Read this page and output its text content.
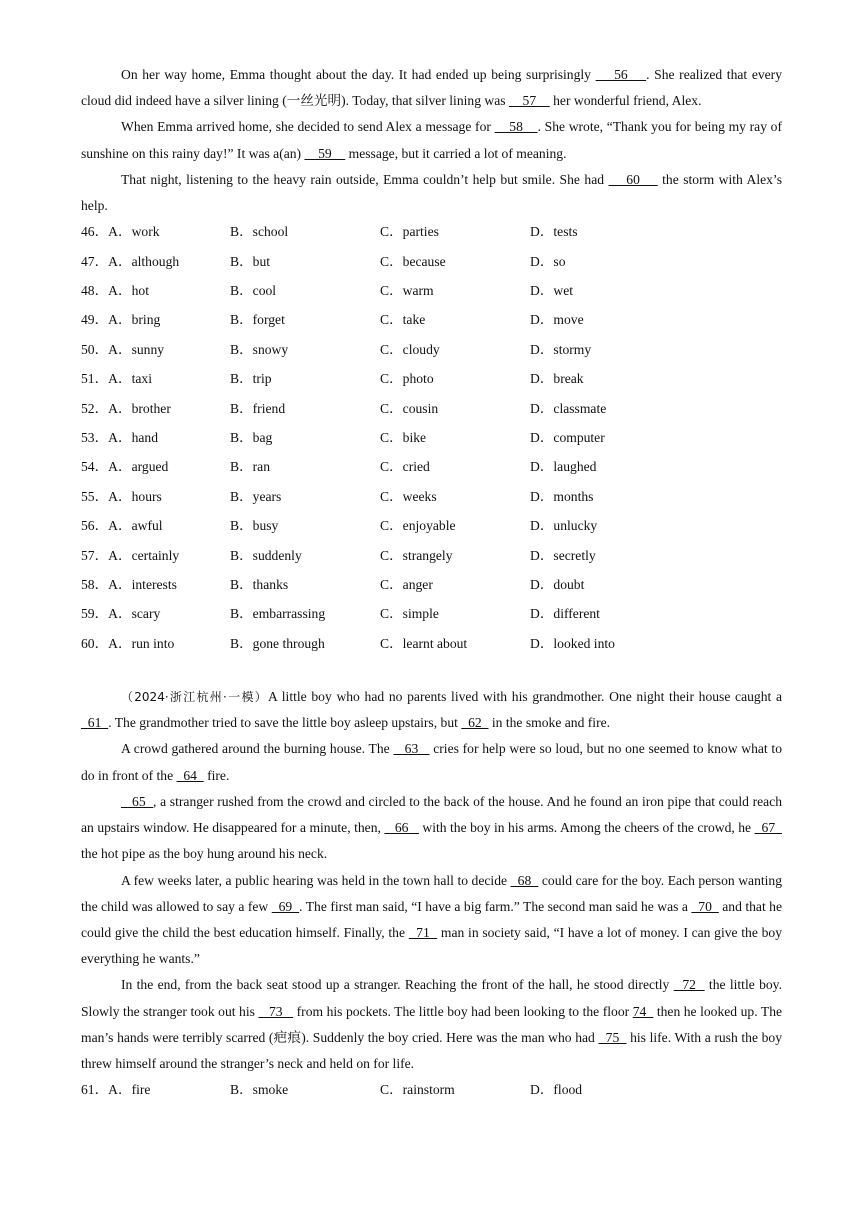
On her way home, Emma thought about the day. It had ended up being surprisingly     56    . She realized that every cloud did indeed have a silver lining (一丝光明). Today, that silver lining was     57     her wonderful friend, Alex.

When Emma arrived home, she decided to send Alex a message for     58    . She wrote, “Thank you for being my ray of sunshine on this rainy day!” It was a(an)     59     message, but it carried a lot of meaning.

That night, listening to the heavy rain outside, Emma couldn’t help but smile. She had     60     the storm with Alex’s help.

46．A．work	B．school	C．parties	D．tests
47．A．although	B．but	C．because	D．so
48．A．hot	B．cool	C．warm	D．wet
49．A．bring	B．forget	C．take	D．move
50．A．sunny	B．snowy	C．cloudy	D．stormy
51．A．taxi	B．trip	C．photo	D．break
52．A．brother	B．friend	C．cousin	D．classmate
53．A．hand	B．bag	C．bike	D．computer
54．A．argued	B．ran	C．cried	D．laughed
55．A．hours	B．years	C．weeks	D．months
56．A．awful	B．busy	C．enjoyable	D．unlucky
57．A．certainly	B．suddenly	C．strangely	D．secretly
58．A．interests	B．thanks	C．anger	D．doubt
59．A．scary	B．embarrassing	C．simple	D．different
60．A．run into	B．gone through	C．learnt about	D．looked into

（2024·浙江杭州·一模）A little boy who had no parents lived with his grandmother. One night their house caught a   61  . The grandmother tried to save the little boy asleep upstairs, but   62   in the smoke and fire.

A crowd gathered around the burning house. The    63    cries for help were so loud, but no one seemed to know what to do in front of the   64   fire.

65  , a stranger rushed from the crowd and circled to the back of the house. And he found an iron pipe that could reach an upstairs window. He disappeared for a minute, then,    66    with the boy in his arms. Among the cheers of the crowd, he   67   the hot pipe as the boy hung around his neck.

A few weeks later, a public hearing was held in the town hall to decide   68   could care for the boy. Each person wanting the child was allowed to say a few   69  . The first man said, “I have a big farm.” The second man said he was a   70   and that he could give the child the best education himself. Finally, the   71   man in society said, “I have a lot of money. I can give the boy everything he wants.”

In the end, from the back seat stood up a stranger. Reaching the front of the hall, he stood directly   72   the little boy. Slowly the stranger took out his    73    from his pockets. The little boy had been looking to the floor 74   then he looked up. The man’s hands were terribly scarred (疤痕). Suddenly the boy cried. Here was the man who had   75   his life. With a rush the boy threw himself around the stranger’s neck and held on for life.

61．A．fire	B．smoke	C．rainstorm	D．flood
